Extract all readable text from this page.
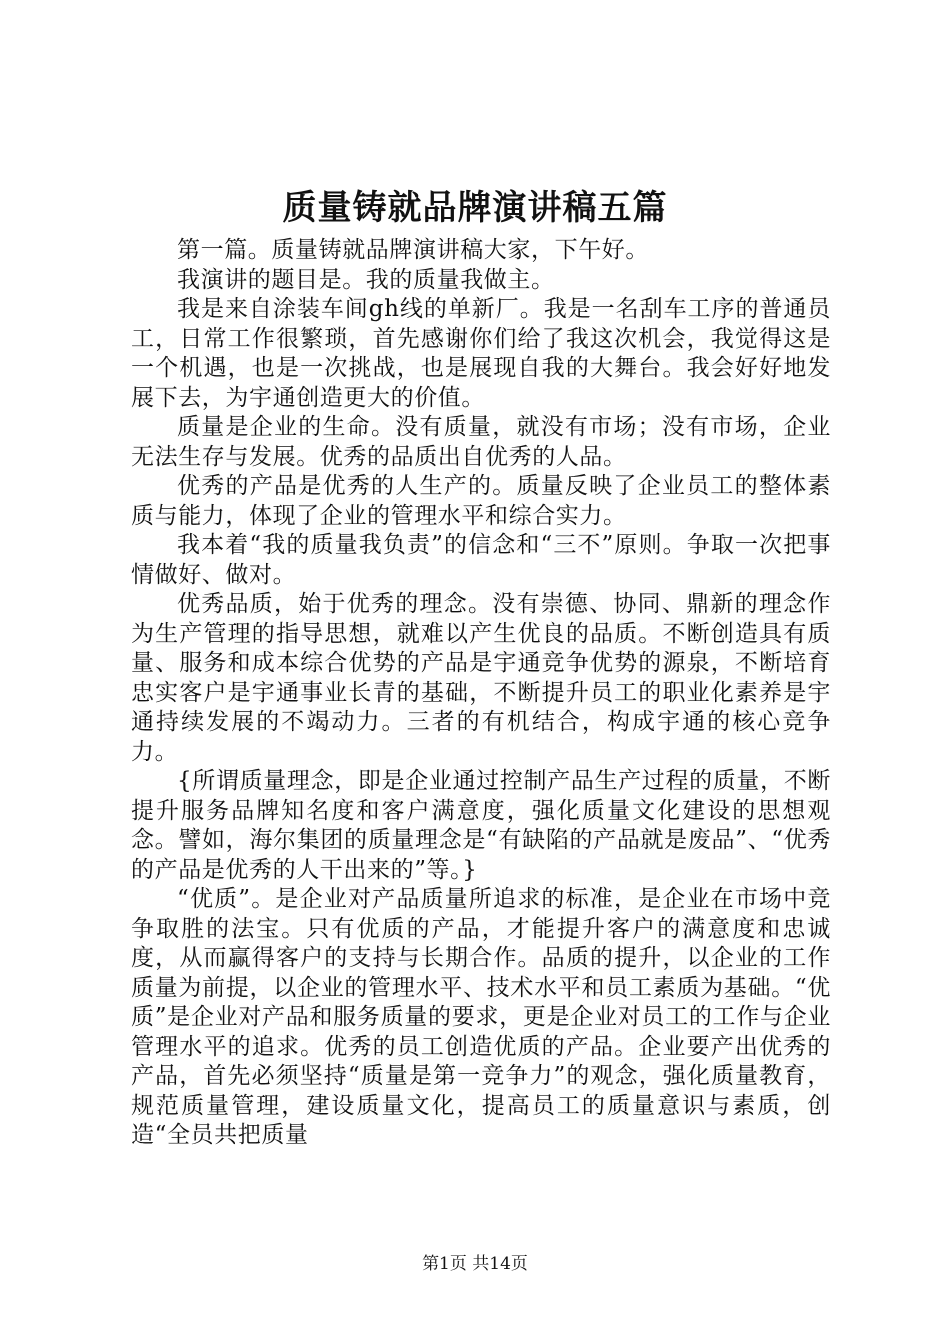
质量铸就品牌演讲稿五篇

第一篇。质量铸就品牌演讲稿大家，下午好。

我演讲的题目是。我的质量我做主。

我是来自涂装车间gh线的单新厂。我是一名刮车工序的普通员工，日常工作很繁琐，首先感谢你们给了我这次机会，我觉得这是一个机遇，也是一次挑战，也是展现自我的大舞台。我会好好地发展下去，为宇通创造更大的价值。

质量是企业的生命。没有质量，就没有市场；没有市场，企业无法生存与发展。优秀的品质出自优秀的人品。

优秀的产品是优秀的人生产的。质量反映了企业员工的整体素质与能力，体现了企业的管理水平和综合实力。

我本着“我的质量我负责”的信念和“三不”原则。争取一次把事情做好、做对。

优秀品质，始于优秀的理念。没有崇德、协同、鼎新的理念作为生产管理的指导思想，就难以产生优良的品质。不断创造具有质量、服务和成本综合优势的产品是宇通竞争优势的源泉，不断培育忠实客户是宇通事业长青的基础，不断提升员工的职业化素养是宇通持续发展的不竭动力。三者的有机结合，构成宇通的核心竞争力。

{所谓质量理念，即是企业通过控制产品生产过程的质量，不断提升服务品牌知名度和客户满意度，强化质量文化建设的思想观念。譬如，海尔集团的质量理念是“有缺陷的产品就是废品”、“优秀的产品是优秀的人干出来的”等。}

“优质”。是企业对产品质量所追求的标准，是企业在市场中竞争取胜的法宝。只有优质的产品，才能提升客户的满意度和忠诚度，从而赢得客户的支持与长期合作。品质的提升，以企业的工作质量为前提，以企业的管理水平、技术水平和员工素质为基础。“优质”是企业对产品和服务质量的要求，更是企业对员工的工作与企业管理水平的追求。优秀的员工创造优质的产品。企业要产出优秀的产品，首先必须坚持“质量是第一竞争力”的观念，强化质量教育，规范质量管理，建设质量文化，提高员工的质量意识与素质，创造“全员共把质量

第1页 共14页
